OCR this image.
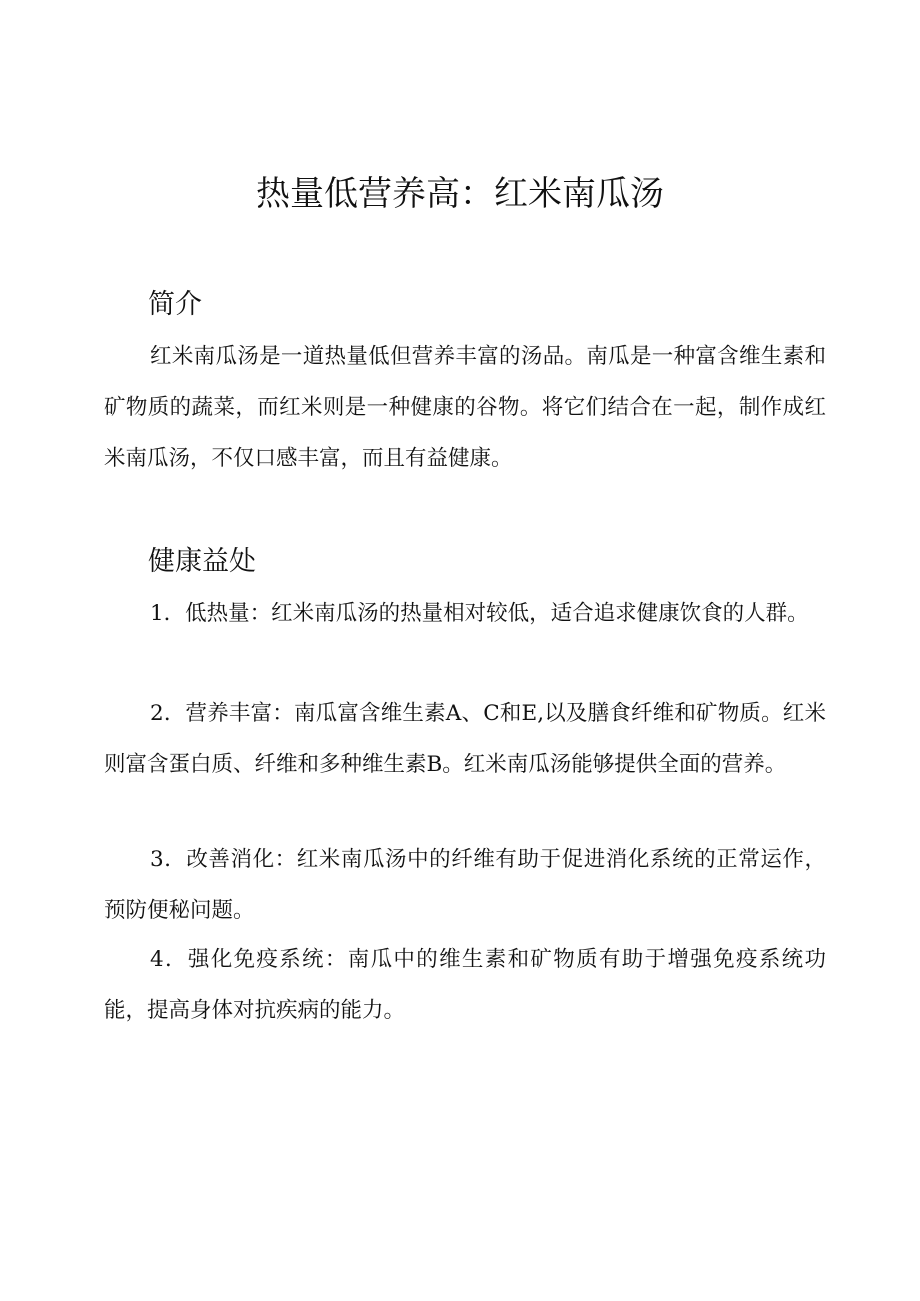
热量低营养高：红米南瓜汤
简介
红米南瓜汤是一道热量低但营养丰富的汤品。南瓜是一种富含维生素和矿物质的蔬菜，而红米则是一种健康的谷物。将它们结合在一起，制作成红米南瓜汤，不仅口感丰富，而且有益健康。
健康益处
1．低热量：红米南瓜汤的热量相对较低，适合追求健康饮食的人群。
2．营养丰富：南瓜富含维生素A、C和E,以及膳食纤维和矿物质。红米则富含蛋白质、纤维和多种维生素B。红米南瓜汤能够提供全面的营养。
3．改善消化：红米南瓜汤中的纤维有助于促进消化系统的正常运作，预防便秘问题。
4．强化免疫系统：南瓜中的维生素和矿物质有助于增强免疫系统功能，提高身体对抗疾病的能力。
